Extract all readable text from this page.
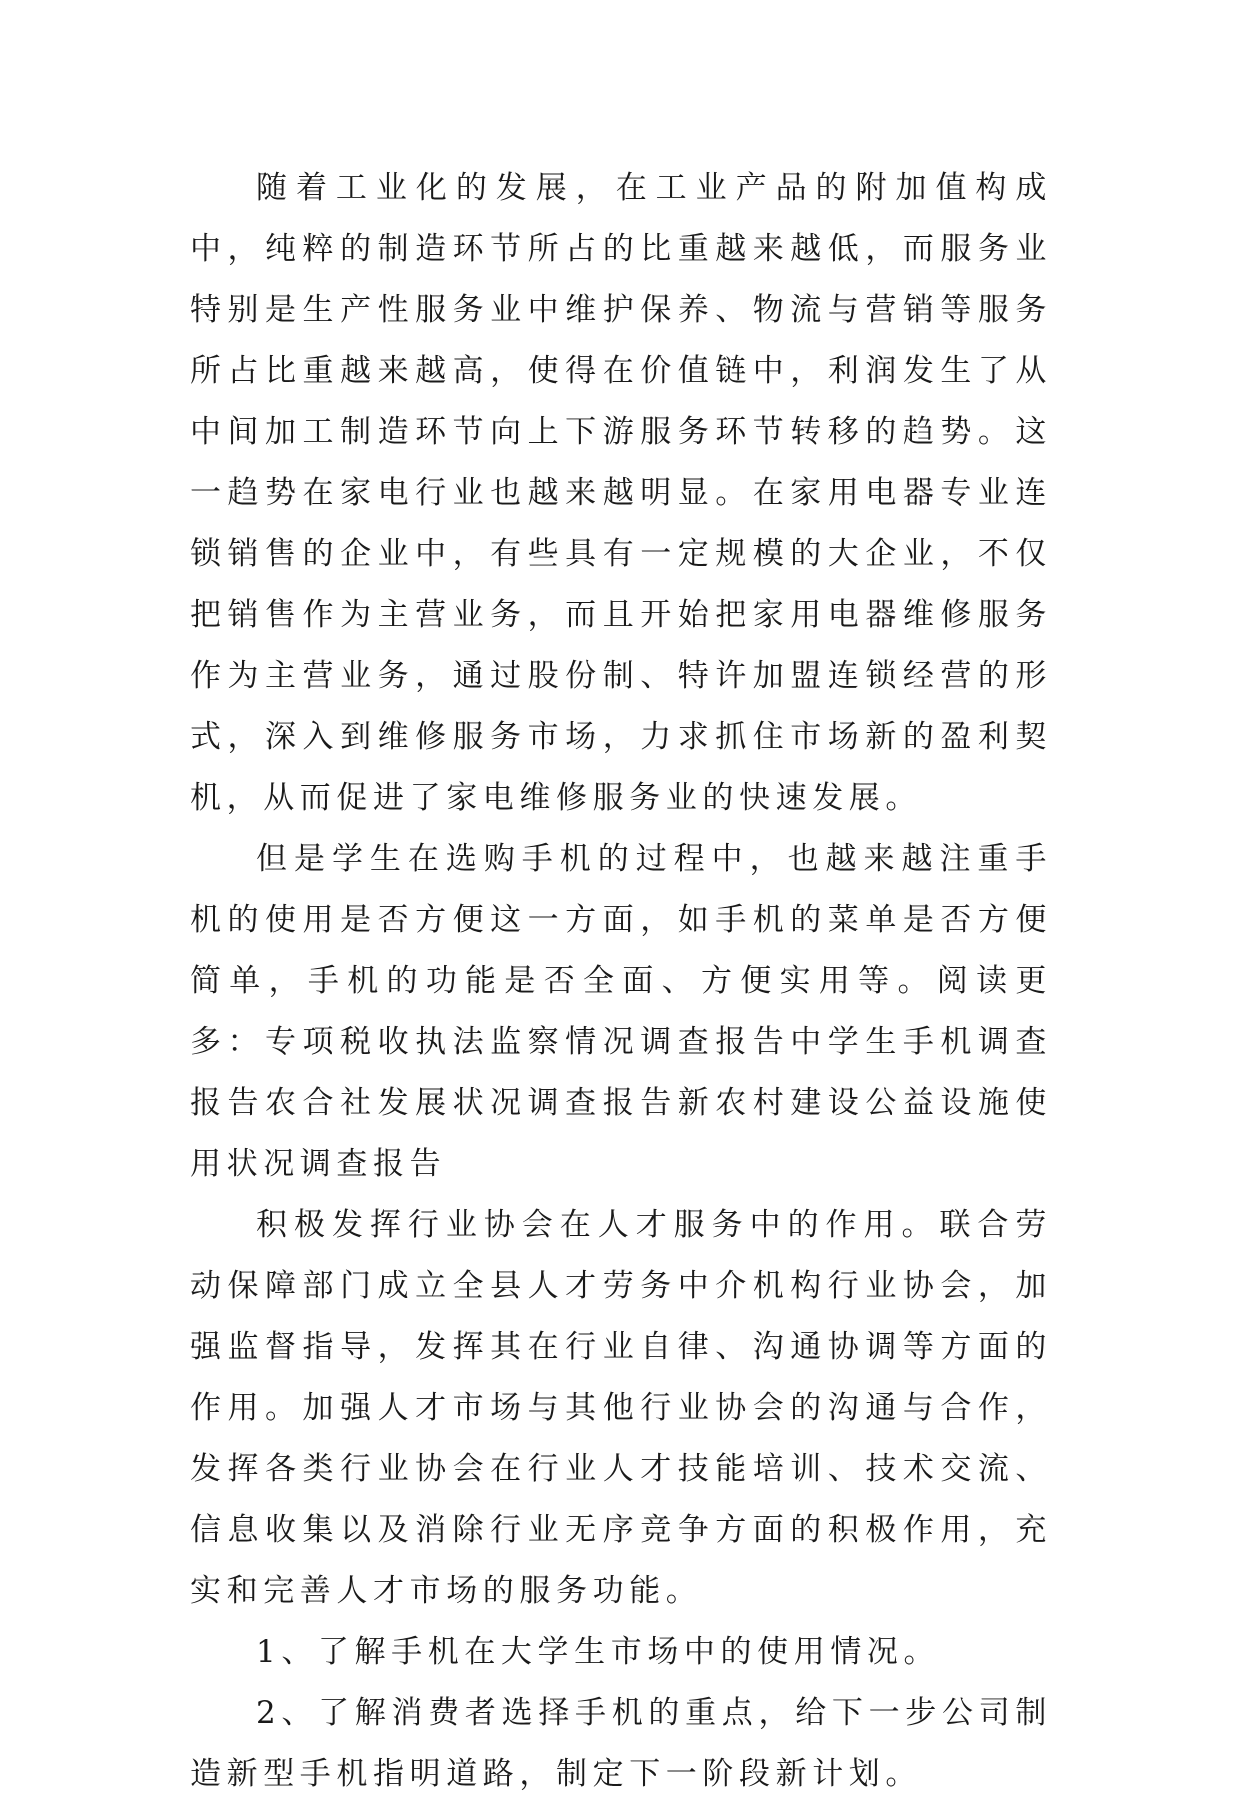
随着工业化的发展，在工业产品的附加值构成中，纯粹的制造环节所占的比重越来越低，而服务业特别是生产性服务业中维护保养、物流与营销等服务所占比重越来越高，使得在价值链中，利润发生了从中间加工制造环节向上下游服务环节转移的趋势。这一趋势在家电行业也越来越明显。在家用电器专业连锁销售的企业中，有些具有一定规模的大企业，不仅把销售作为主营业务，而且开始把家用电器维修服务作为主营业务，通过股份制、特许加盟连锁经营的形式，深入到维修服务市场，力求抓住市场新的盈利契机，从而促进了家电维修服务业的快速发展。

但是学生在选购手机的过程中，也越来越注重手机的使用是否方便这一方面，如手机的菜单是否方便简单，手机的功能是否全面、方便实用等。阅读更多：专项税收执法监察情况调查报告中学生手机调查报告农合社发展状况调查报告新农村建设公益设施使用状况调查报告

积极发挥行业协会在人才服务中的作用。联合劳动保障部门成立全县人才劳务中介机构行业协会，加强监督指导，发挥其在行业自律、沟通协调等方面的作用。加强人才市场与其他行业协会的沟通与合作，发挥各类行业协会在行业人才技能培训、技术交流、信息收集以及消除行业无序竞争方面的积极作用，充实和完善人才市场的服务功能。

1、了解手机在大学生市场中的使用情况。

2、了解消费者选择手机的重点，给下一步公司制造新型手机指明道路，制定下一阶段新计划。
